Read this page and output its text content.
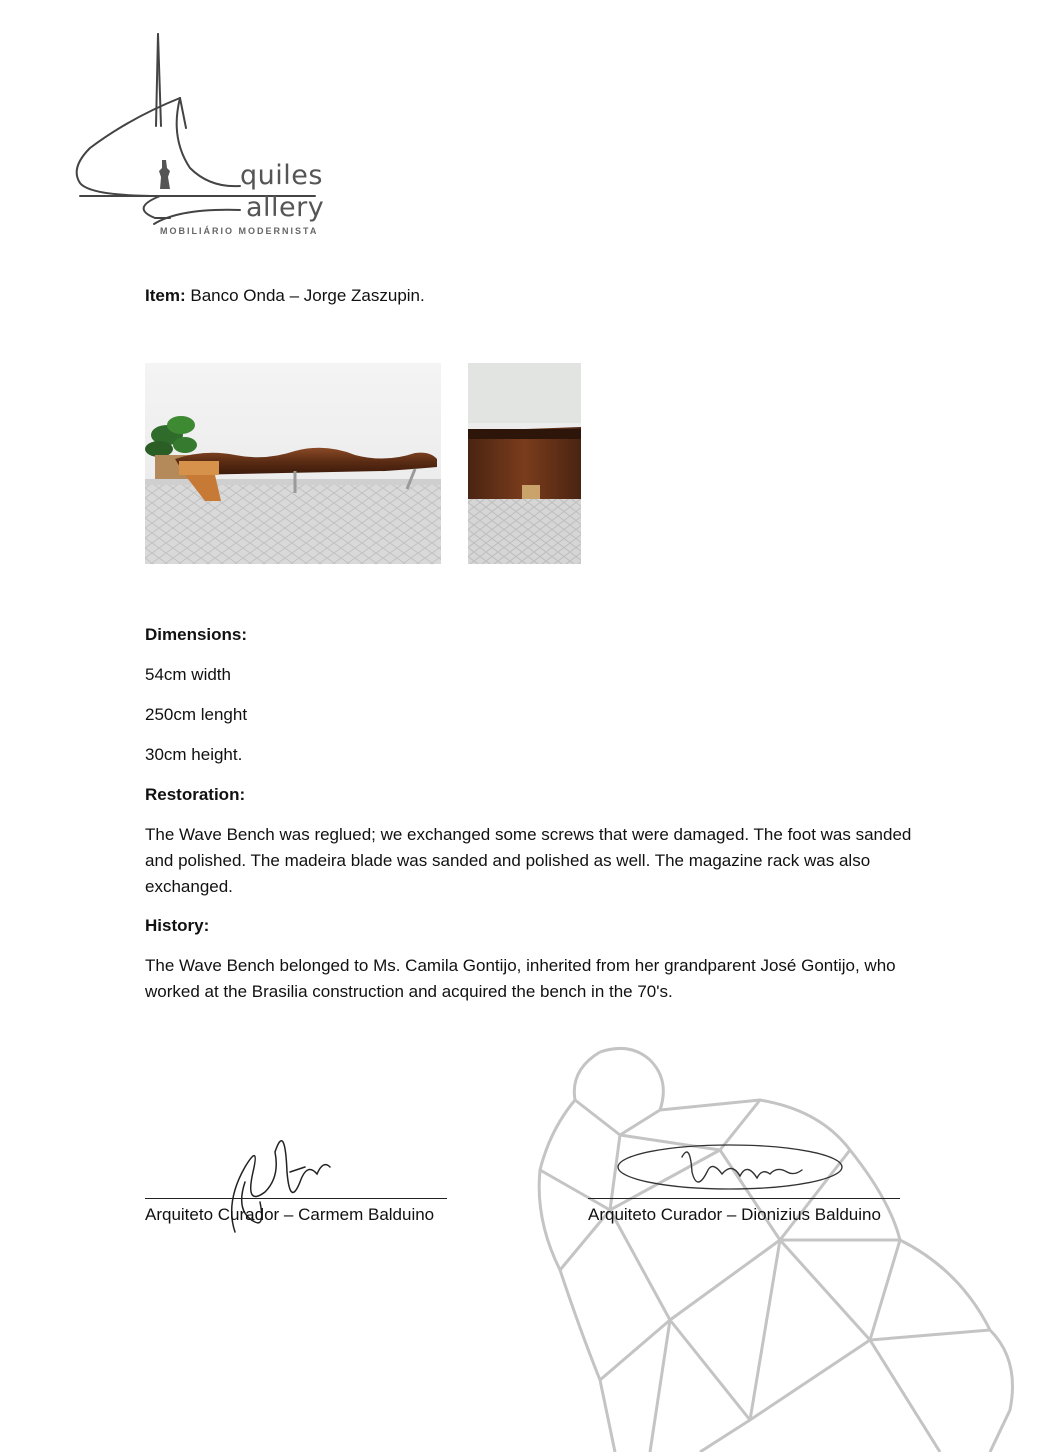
quiles
allery
MOBILIÁRIO MODERNISTA
Item: Banco Onda – Jorge Zaszupin.
Dimensions:
54cm width
250cm lenght
30cm height.
Restoration:
The Wave Bench was reglued; we exchanged some screws that were damaged. The foot was sanded and polished. The madeira blade was sanded and polished as well. The magazine rack was also exchanged.
History:
The Wave Bench belonged to Ms. Camila Gontijo, inherited from her grandparent José Gontijo, who worked at the Brasilia construction and acquired the bench in the 70's.
Arquiteto Curador – Carmem Balduino	Arquiteto Curador – Dionizius Balduino
